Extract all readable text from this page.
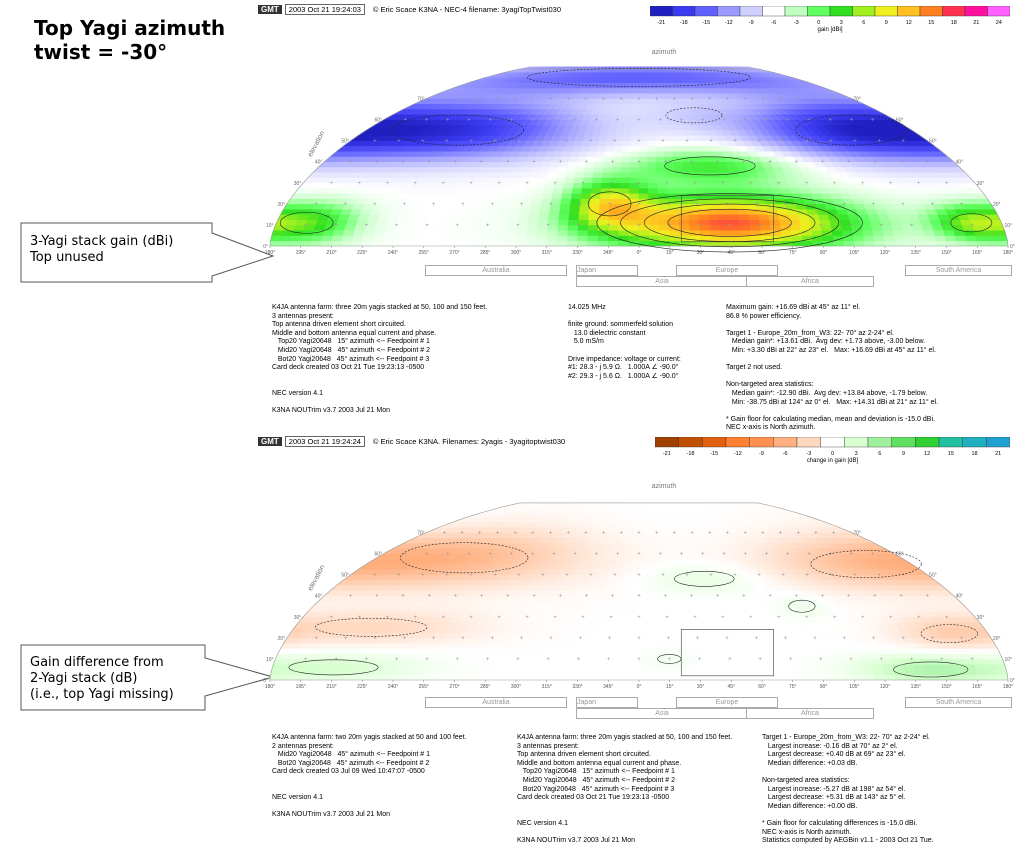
Top Yagi azimuth
twist = -30°
3-Yagi stack gain (dBi)
Top unused
Gain difference from
2-Yagi stack (dB)
(i.e., top Yagi missing)
GMT 2003 Oct 21 19:24:03 © Eric Scace K3NA - NEC-4 filename: 3yagiTopTwist030
-21	-18	-15	-12	-9	-6	-3	0	3	6	9	12	15	18	21	24
gain [dBi]
0°	0°
10°	10°
20°	20°
30°	30°
40°	40°
50°	50°
60°	60°
70°	70°
+	+	+	+	+	+	+	+	+	+	+	+	+	+	+	+	+	+	+	+	+	+	+
+	+	+	+	+	+	+	+	+	+	+	+	+	+	+	+	+	+	+	+	+	+	+
+	+	+	+	+	+	+	+	+	+	+	+	+	+	+	+	+	+	+	+	+	+	+
+	+	+	+	+	+	+	+	+	+	+	+	+	+	+	+	+	+	+	+	+	+	+
+	+	+	+	+	+	+	+	+	+	+	+	+	+	+	+	+	+	+	+	+	+	+
+	+	+	+	+	+	+	+	+	+	+	+	+	+	+	+	+	+	+	+	+	+	+
+ + + + + + + + + + + + + + + + + + + + + + +
180°	195°	210°	225°	240°	255°	270°	285°	300°	315°	330°	345°	0°	15°	30°	45°	60°	75°	90°	105°	120°	135°	150°	165°	180°
azimuth
elevation
Australia	Japan
Asia
Europe
Africa
South America
K4JA antenna farm: three 20m yagis stacked at 50, 100 and 150 feet.
3 antennas present:
Top antenna driven element short circuited.
Middle and bottom antenna equal current and phase.
Top20 Yagi20648   15° azimuth <-- Feedpoint # 1
Mid20 Yagi20648   45° azimuth <-- Feedpoint # 2
Bot20 Yagi20648   45° azimuth <-- Feedpoint # 3
Card deck created 03 Oct 21 Tue 19:23:13 -0500

NEC version 4.1

K3NA NOUTrim v3.7 2003 Jul 21 Mon
14.025 MHz

finite ground: sommerfeld solution
13.0 dielectric constant
5.0 mS/m

Drive impedance: voltage or current:
#1: 28.3 - j 5.9 Ω.   1.000A ∠ -90.0°
#2: 29.3 - j 5.6 Ω.   1.000A ∠ -90.0°
Maximum gain: +16.69 dBi at 45° az 11° el.
86.8 % power efficiency.

Target 1 - Europe_20m_from_W3: 22- 70° az 2-24° el.
Median gain*: +13.61 dBi.  Avg dev: +1.73 above, -3.00 below.
Min: +3.30 dBi at 22° az 23° el.   Max: +16.69 dBi at 45° az 11° el.

Target 2 not used.

Non-targeted area statistics:
Median gain*: -12.90 dBi.  Avg dev: +13.84 above, -1.79 below.
Min: -38.75 dBi at 124° az 0° el.   Max: +14.31 dBi at 21° az 11° el.

* Gain floor for calculating median, mean and deviation is -15.0 dBi.
NEC x-axis is North azimuth.
GMT 2003 Oct 21 19:24:24 © Eric Scace K3NA. Filenames: 2yagis - 3yagitoptwist030
-21	-18	-15	-12	-9	-6	-3	0	3	6	9	12	15	18	21
change in gain [dB]
0°	0°
10°	10°
20°	20°
30°	30°
40°	40°
50°	50°
60°	60°
70°	70°
+	+	+	+	+	+	+	+	+	+	+	+	+	+	+	+	+	+	+	+	+	+	+
+	+	+	+	+	+	+	+	+	+	+	+	+	+	+	+	+	+	+	+	+	+	+
+	+	+	+	+	+	+	+	+	+	+	+	+	+	+	+	+	+	+	+	+	+	+
+	+	+	+	+	+	+	+	+	+	+	+	+	+	+	+	+	+	+	+	+	+	+
+	+	+	+	+	+	+	+	+	+	+	+	+	+	+	+	+	+	+	+	+	+	+
+	+	+	+	+	+	+	+	+	+	+	+	+	+	+	+	+	+	+	+	+	+	+
+ + + + + + + + + + + + + + + + + + + + + + +
180°	195°	210°	225°	240°	255°	270°	285°	300°	315°	330°	345°	0°	15°	30°	45°	60°	75°	90°	105°	120°	135°	150°	165°	180°
azimuth
elevation
Australia	Japan
Asia
Europe
Africa
South America
K4JA antenna farm: two 20m yagis stacked at 50 and 100 feet.
2 antennas present:
Mid20 Yagi20648   45° azimuth <-- Feedpoint # 1
Bot20 Yagi20648   45° azimuth <-- Feedpoint # 2
Card deck created 03 Jul 09 Wed 10:47:07 -0500

NEC version 4.1

K3NA NOUTrim v3.7 2003 Jul 21 Mon
K4JA antenna farm: three 20m yagis stacked at 50, 100 and 150 feet.
3 antennas present:
Top antenna driven element short circuited.
Middle and bottom antenna equal current and phase.
Top20 Yagi20648   15° azimuth <-- Feedpoint # 1
Mid20 Yagi20648   45° azimuth <-- Feedpoint # 2
Bot20 Yagi20648   45° azimuth <-- Feedpoint # 3
Card deck created 03 Oct 21 Tue 19:23:13 -0500

NEC version 4.1

K3NA NOUTrim v3.7 2003 Jul 21 Mon
Target 1 - Europe_20m_from_W3: 22- 70° az 2-24° el.
Largest increase: -0.16 dB at 70° az 2° el.
Largest decrease: +0.40 dB at 69° az 23° el.
Median difference: +0.03 dB.

Non-targeted area statistics:
Largest increase: -5.27 dB at 198° az 54° el.
Largest decrease: +5.31 dB at 143° az 5° el.
Median difference: +0.00 dB.

* Gain floor for calculating differences is -15.0 dBi.
NEC x-axis is North azimuth.
Statistics computed by AEGBin v1.1 - 2003 Oct 21 Tue.
